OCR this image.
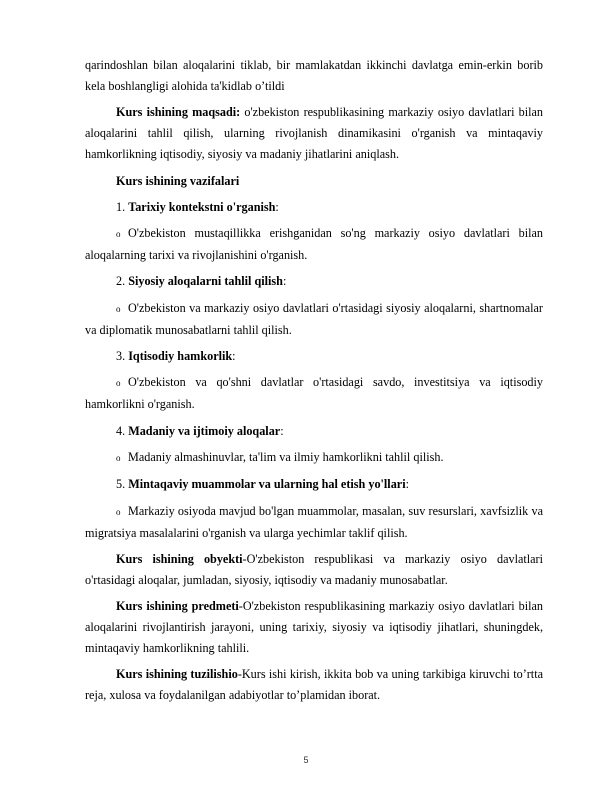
qarindoshlan bilan aloqalarini tiklab, bir mamlakatdan ikkinchi davlatga emin-erkin borib kela boshlangligi alohida ta'kidlab o’tildi

Kurs ishining maqsadi: o'zbekiston respublikasining markaziy osiyo davlatlari bilan aloqalarini tahlil qilish, ularning rivojlanish dinamikasini o'rganish va mintaqaviy hamkorlikning iqtisodiy, siyosiy va madaniy jihatlarini aniqlash.

Kurs ishining vazifalari

1. Tarixiy kontekstni o'rganish:

o O'zbekiston mustaqillikka erishganidan so'ng markaziy osiyo davlatlari bilan aloqalarning tarixi va rivojlanishini o'rganish.

2. Siyosiy aloqalarni tahlil qilish:

o O'zbekiston va markaziy osiyo davlatlari o'rtasidagi siyosiy aloqalarni, shartnomalar va diplomatik munosabatlarni tahlil qilish.

3. Iqtisodiy hamkorlik:

o O'zbekiston va qo'shni davlatlar o'rtasidagi savdo, investitsiya va iqtisodiy hamkorlikni o'rganish.

4. Madaniy va ijtimoiy aloqalar:

o Madaniy almashinuvlar, ta'lim va ilmiy hamkorlikni tahlil qilish.

5. Mintaqaviy muammolar va ularning hal etish yo'llari:

o Markaziy osiyoda mavjud bo'lgan muammolar, masalan, suv resurslari, xavfsizlik va migratsiya masalalarini o'rganish va ularga yechimlar taklif qilish.

Kurs ishining obyekti-O'zbekiston respublikasi va markaziy osiyo davlatlari o'rtasidagi aloqalar, jumladan, siyosiy, iqtisodiy va madaniy munosabatlar.

Kurs ishining predmeti-O'zbekiston respublikasining markaziy osiyo davlatlari bilan aloqalarini rivojlantirish jarayoni, uning tarixiy, siyosiy va iqtisodiy jihatlari, shuningdek, mintaqaviy hamkorlikning tahlili.

Kurs ishining tuzilishio-Kurs ishi kirish, ikkita bob va uning tarkibiga kiruvchi to’rtta reja, xulosa va foydalanilgan adabiyotlar to’plamidan iborat.

5
